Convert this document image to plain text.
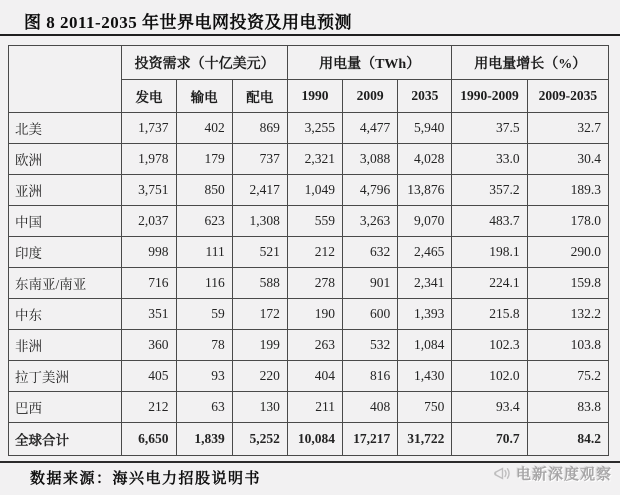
图 8 2011-2035 年世界电网投资及用电预测
	投资需求（十亿美元）			用电量（TWh）			用电量增长（%）	
	发电	输电	配电	1990	2009	2035	1990-2009	2009-2035
北美	1,737	402	869	3,255	4,477	5,940	37.5	32.7
欧洲	1,978	179	737	2,321	3,088	4,028	33.0	30.4
亚洲	3,751	850	2,417	1,049	4,796	13,876	357.2	189.3
中国	2,037	623	1,308	559	3,263	9,070	483.7	178.0
印度	998	111	521	212	632	2,465	198.1	290.0
东南亚/南亚	716	116	588	278	901	2,341	224.1	159.8
中东	351	59	172	190	600	1,393	215.8	132.2
非洲	360	78	199	263	532	1,084	102.3	103.8
拉丁美洲	405	93	220	404	816	1,430	102.0	75.2
巴西	212	63	130	211	408	750	93.4	83.8
全球合计	6,650	1,839	5,252	10,084	17,217	31,722	70.7	84.2
数据来源：海兴电力招股说明书	电新深度观察
